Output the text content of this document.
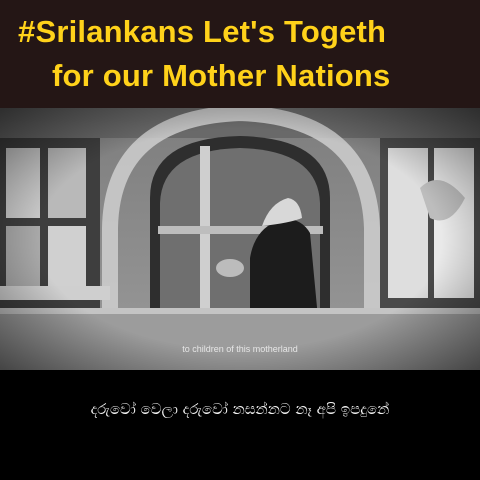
#Srilankans Let's Togeth
for our Mother Nations
to children of this motherland
දරුවෝ වෙලා දරුවෝ නසන්නට නෑ අපි ඉපදුනේ
